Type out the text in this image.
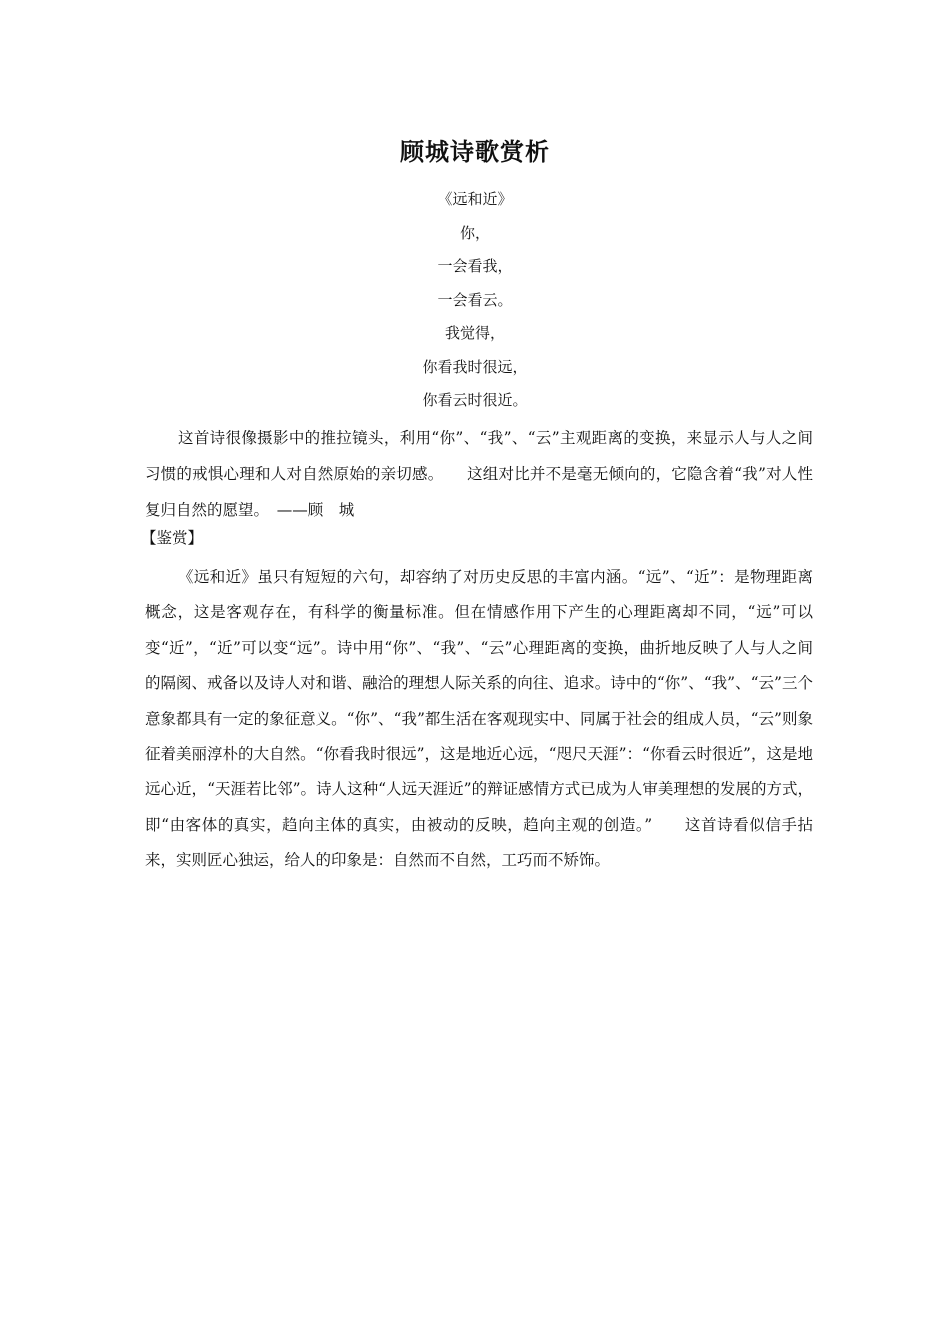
顾城诗歌赏析
《远和近》
你，
一会看我，
一会看云。
我觉得，
你看我时很远，
你看云时很近。

这首诗很像摄影中的推拉镜头，利用“你”、“我”、“云”主观距离的变换，来显示人与人之间习惯的戒惧心理和人对自然原始的亲切感。　　这组对比并不是毫无倾向的，它隐含着“我”对人性复归自然的愿望。　——顾　城

【鉴赏】

《远和近》虽只有短短的六句，却容纳了对历史反思的丰富内涵。“远”、“近”：是物理距离概念，这是客观存在，有科学的衡量标准。但在情感作用下产生的心理距离却不同，“远”可以变“近”，“近”可以变“远”。诗中用“你”、“我”、“云”心理距离的变换，曲折地反映了人与人之间的隔阂、戒备以及诗人对和谐、融洽的理想人际关系的向往、追求。诗中的“你”、“我”、“云”三个意象都具有一定的象征意义。“你”、“我”都生活在客观现实中、同属于社会的组成人员，“云”则象征着美丽淳朴的大自然。“你看我时很远”，这是地近心远，“咫尺天涯”：“你看云时很近”，这是地远心近，“天涯若比邻”。诗人这种“人远天涯近”的辩证感情方式已成为人审美理想的发展的方式，即“由客体的真实，趋向主体的真实，由被动的反映，趋向主观的创造。”　　这首诗看似信手拈来，实则匠心独运，给人的印象是：自然而不自然，工巧而不矫饰。
